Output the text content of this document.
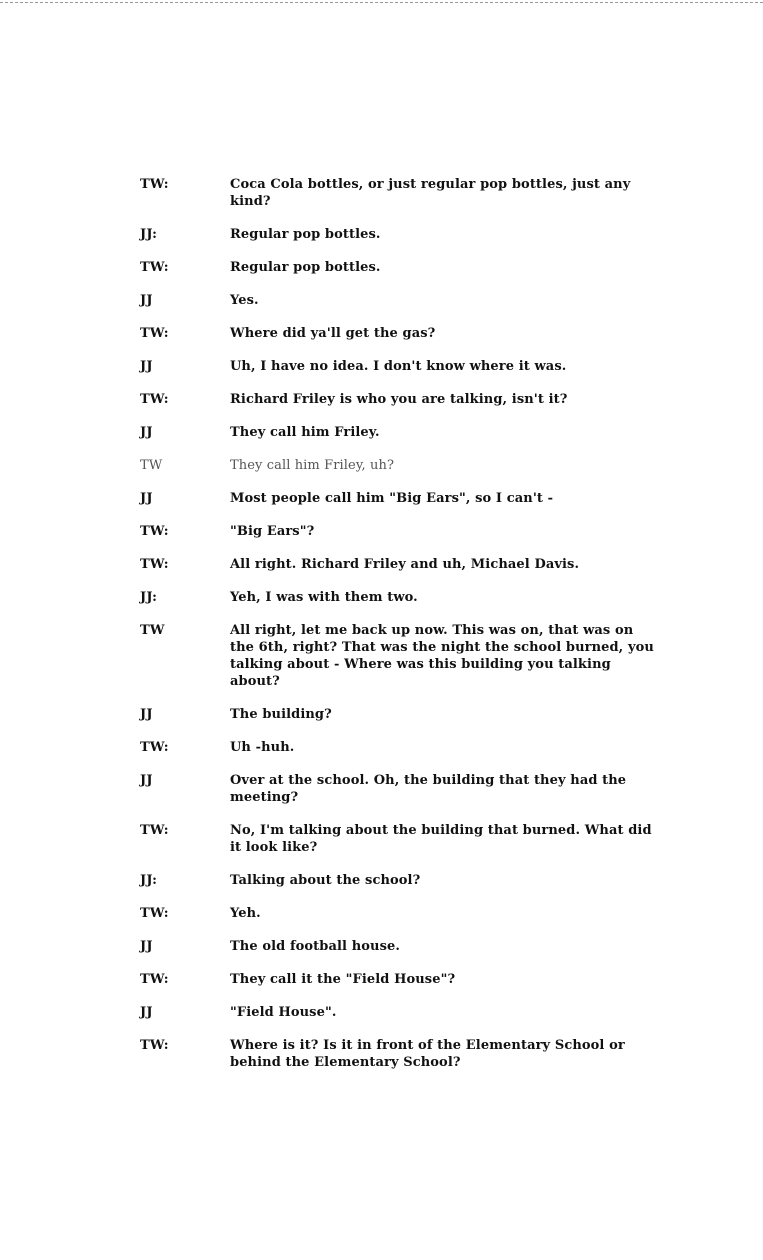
TW:	Coca Cola bottles, or just regular pop bottles, just any kind?
JJ:	Regular pop bottles.
TW:	Regular pop bottles.
JJ	Yes.
TW:	Where did ya'll get the gas?
JJ	Uh, I have no idea. I don't know where it was.
TW:	Richard Friley is who you are talking, isn't it?
JJ	They call him Friley.
TW	They call him Friley, uh?
JJ	Most people call him "Big Ears", so I can't -
TW:	"Big Ears"?
TW:	All right. Richard Friley and uh, Michael Davis.
JJ:	Yeh, I was with them two.
TW	All right, let me back up now. This was on, that was on the 6th, right? That was the night the school burned, you talking about - Where was this building you talking about?
JJ	The building?
TW:	Uh -huh.
JJ	Over at the school. Oh, the building that they had the meeting?
TW:	No, I'm talking about the building that burned. What did it look like?
JJ:	Talking about the school?
TW:	Yeh.
JJ	The old football house.
TW:	They call it the "Field House"?
JJ	"Field House".
TW:	Where is it? Is it in front of the Elementary School or behind the Elementary School?
